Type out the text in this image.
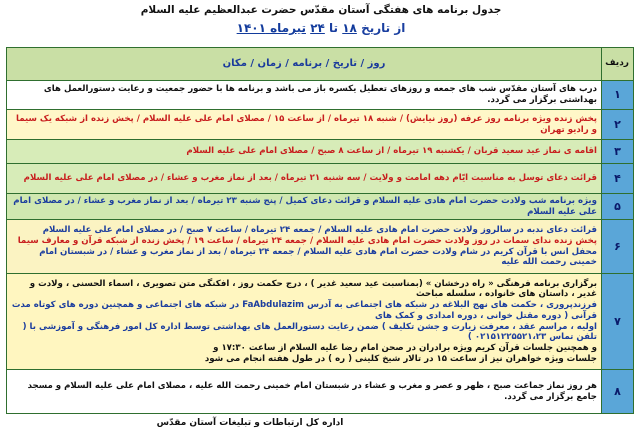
جدول برنامه های هفتگی آستان مقدّس حضرت عبدالعظیم علیه السلام
از تاریخ ۱۸ تا ۲۴ تیرماه ۱۴۰۱
ردیف	روز / تاریخ / برنامه / زمان / مکان
۱	درب های آستان مقدّس شب های جمعه و روزهای تعطیل یکسره باز می باشد و برنامه ها با حضور جمعیت و رعایت دستورالعمل های بهداشتی برگزار می گردد.

۲	پخش زنده ویژه برنامه روز عرفه (روز نیایش) / شنبه ۱۸ تیرماه / از ساعت ۱۵ / مصلای امام علی علیه السلام / پخش زنده از شبکه یک سیما و رادیو تهران

۳	اقامه ی نماز عید سعید قربان / یکشنبه ۱۹ تیرماه / از ساعت ۸ صبح / مصلای امام علی علیه السلام

۴	قرائت دعای توسل به مناسبت ایّام دهه امامت و ولایت / سه شنبه ۲۱ تیرماه / بعد از نماز مغرب و عشاء / در مصلای امام علی علیه السلام

۵	ویژه برنامه شب ولادت حضرت امام هادی علیه السلام و قرائت دعای کمیل / پنج شنبه ۲۳ تیرماه / بعد از نماز مغرب و عشاء / در مصلای امام علی علیه السلام

۶	قرائت دعای ندبه در سالروز ولادت حضرت امام هادی علیه السلام / جمعه ۲۴ تیرماه / ساعت ۷ صبح / در مصلای امام علی علیه السلام
پخش زنده ندای سمات در روز ولادت حضرت امام هادی علیه السلام / جمعه ۲۴ تیرماه / ساعت ۱۹ / پخش زنده از شبکه قرآن و معارف سیما
محفل انس با قرآن کریم در شام ولادت حضرت امام هادی علیه السلام / جمعه ۲۴ تیرماه / بعد از نماز مغرب و عشاء / در شبستان امام خمینی رحمت الله علیه

۷	برگزاری برنامه فرهنگی « راه درخشان » (بمناسبت عید سعید غدیر ) ، درج حکمت روز ، افکنگی متن تصویری ، اسماء الحسنی ، ولادت و غدیر ، داستان های خانواده ، سلسله مباحث
فرزندپروری ، حکمت های نهج البلاغه در شبکه های اجتماعی به آدرس FaAbdulazim در شبکه های اجتماعی و همچنین دوره های کوتاه مدت قرآنی ( دوره مقتل خوانی ، دوره امدادی و کمک های
اولیه ، مراسم عقد ، معرفت زیارت و جشن تکلیف ) ضمن رعایت دستورالعمل های بهداشتی توسط اداره کل امور فرهنگی و آموزشی با ( تلفن تماس ۰۲۱۵۱۲۲۵۵۲۱،۲۳ )
و همچنین جلسات قرآن کریم ویژه برادران در صحن امام رضا علیه السلام از ساعت ۱۷:۳۰ و
جلسات ویژه خواهران نیز از ساعت ۱۵ در تالار شیخ کلینی ( ره ) در طول هفته انجام می شود

۸	هر روز نماز جماعت صبح ، ظهر و عصر و مغرب و عشاء در شبستان امام خمینی رحمت الله علیه ، مصلای امام علی علیه السلام و مسجد جامع برگزار می گردد.
اداره کل ارتباطات و تبلیغات آستان مقدّس
